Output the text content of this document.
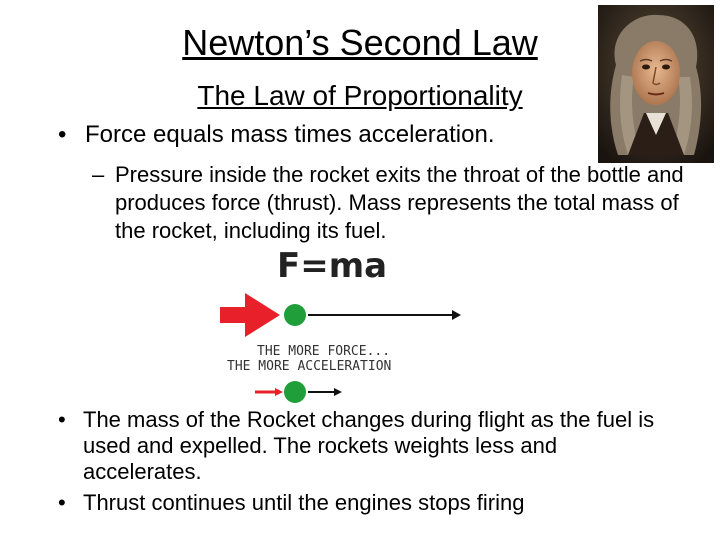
Newton’s Second Law
The Law of Proportionality
• Force equals mass times acceleration.
– Pressure inside the rocket exits the throat of the bottle and produces force (thrust). Mass represents the total mass of the rocket, including its fuel.
F=ma
THE MORE FORCE...
THE MORE ACCELERATION
• The mass of the Rocket changes during flight as the fuel is used and expelled. The rockets weights less and accelerates.
• Thrust continues until the engines stops firing
